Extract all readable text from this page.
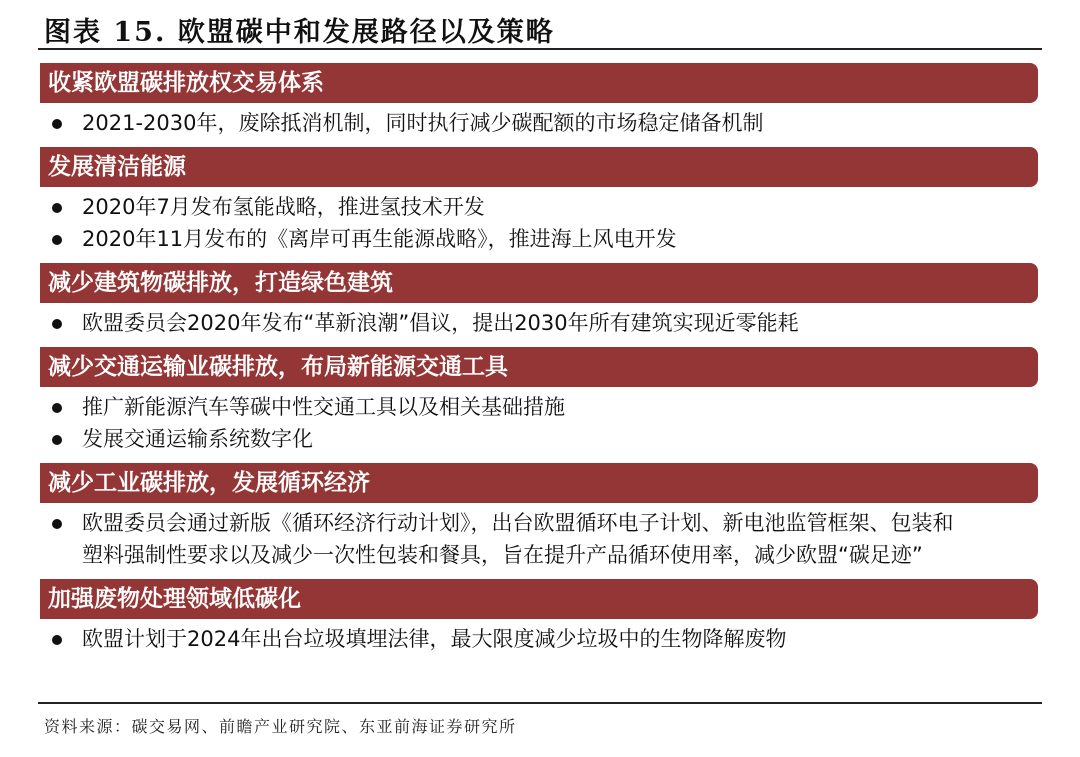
图表 15. 欧盟碳中和发展路径以及策略
收紧欧盟碳排放权交易体系
2021-2030年，废除抵消机制，同时执行减少碳配额的市场稳定储备机制
发展清洁能源
2020年7月发布氢能战略，推进氢技术开发
2020年11月发布的《离岸可再生能源战略》，推进海上风电开发
减少建筑物碳排放，打造绿色建筑
欧盟委员会2020年发布“革新浪潮”倡议，提出2030年所有建筑实现近零能耗
减少交通运输业碳排放，布局新能源交通工具
推广新能源汽车等碳中性交通工具以及相关基础措施
发展交通运输系统数字化
减少工业碳排放，发展循环经济
欧盟委员会通过新版《循环经济行动计划》，出台欧盟循环电子计划、新电池监管框架、包装和塑料强制性要求以及减少一次性包装和餐具，旨在提升产品循环使用率，减少欧盟“碳足迹”
加强废物处理领域低碳化
欧盟计划于2024年出台垃圾填埋法律，最大限度减少垃圾中的生物降解废物
资料来源：碳交易网、前瞻产业研究院、东亚前海证券研究所
